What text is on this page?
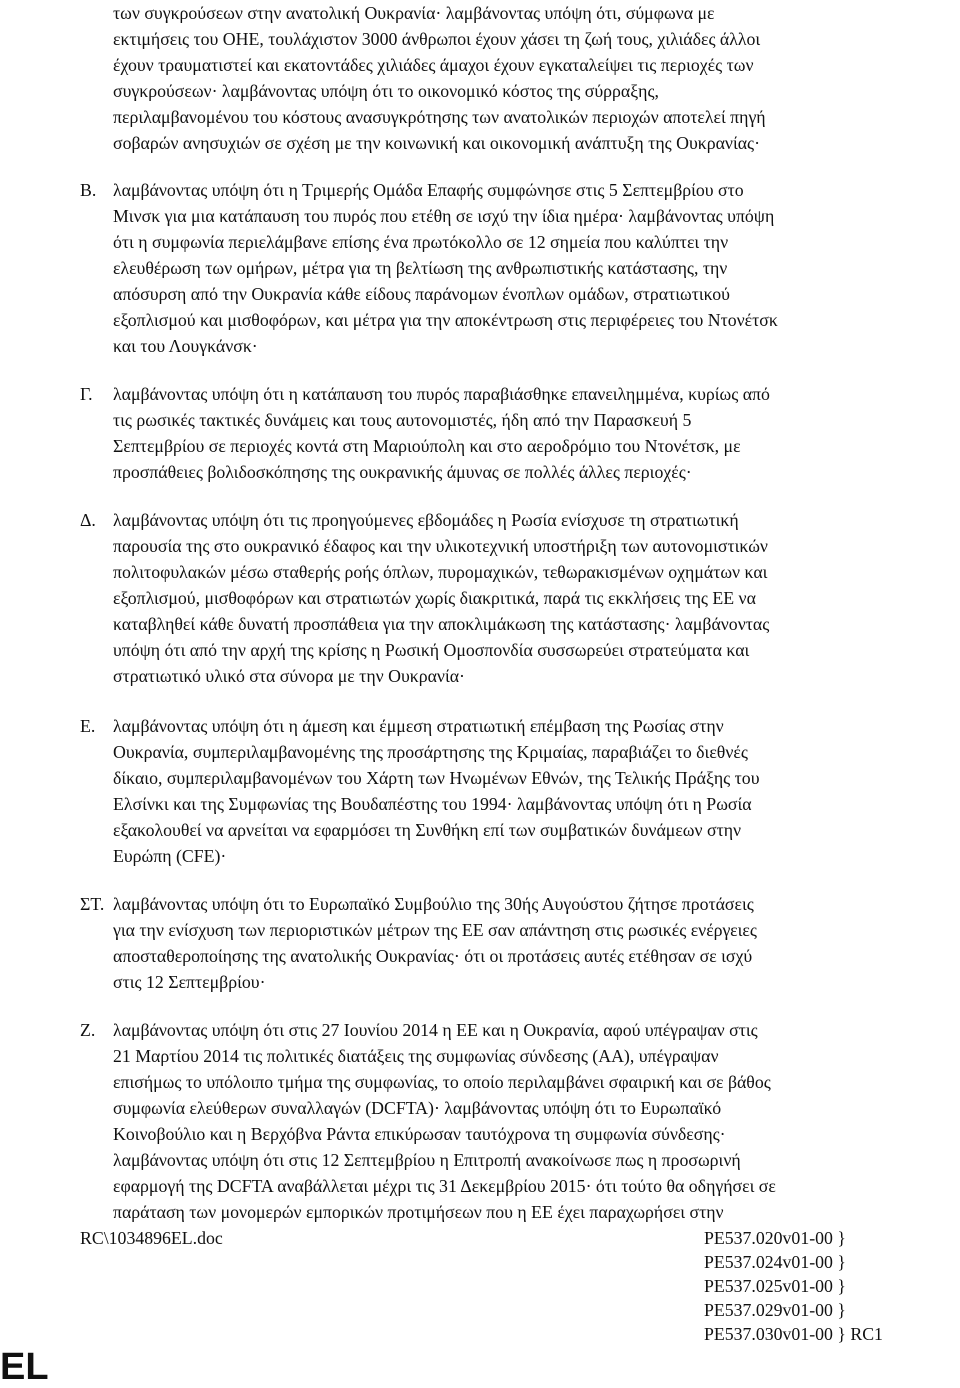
των συγκρούσεων στην ανατολική Ουκρανία· λαμβάνοντας υπόψη ότι, σύμφωνα με
εκτιμήσεις του ΟΗΕ, τουλάχιστον 3000 άνθρωποι έχουν χάσει τη ζωή τους, χιλιάδες άλλοι
έχουν τραυματιστεί και εκατοντάδες χιλιάδες άμαχοι έχουν εγκαταλείψει τις περιοχές των
συγκρούσεων· λαμβάνοντας υπόψη ότι το οικονομικό κόστος της σύρραξης,
περιλαμβανομένου του κόστους ανασυγκρότησης των ανατολικών περιοχών αποτελεί πηγή
σοβαρών ανησυχιών σε σχέση με την κοινωνική και οικονομική ανάπτυξη της Ουκρανίας·
Β. λαμβάνοντας υπόψη ότι η Τριμερής Ομάδα Επαφής συμφώνησε στις 5 Σεπτεμβρίου στο
Μινσκ για μια κατάπαυση του πυρός που ετέθη σε ισχύ την ίδια ημέρα· λαμβάνοντας υπόψη
ότι η συμφωνία περιελάμβανε επίσης ένα πρωτόκολλο σε 12 σημεία που καλύπτει την
ελευθέρωση των ομήρων, μέτρα για τη βελτίωση της ανθρωπιστικής κατάστασης, την
απόσυρση από την Ουκρανία κάθε είδους παράνομων ένοπλων ομάδων, στρατιωτικού
εξοπλισμού και μισθοφόρων, και μέτρα για την αποκέντρωση στις περιφέρειες του Ντονέτσκ
και του Λουγκάνσκ·
Γ. λαμβάνοντας υπόψη ότι η κατάπαυση του πυρός παραβιάσθηκε επανειλημμένα, κυρίως από
τις ρωσικές τακτικές δυνάμεις και τους αυτονομιστές, ήδη από την Παρασκευή 5
Σεπτεμβρίου σε περιοχές κοντά στη Μαριούπολη και στο αεροδρόμιο του Ντονέτσκ, με
προσπάθειες βολιδοσκόπησης της ουκρανικής άμυνας σε πολλές άλλες περιοχές·
Δ. λαμβάνοντας υπόψη ότι τις προηγούμενες εβδομάδες η Ρωσία ενίσχυσε τη στρατιωτική
παρουσία της στο ουκρανικό έδαφος και την υλικοτεχνική υποστήριξη των αυτονομιστικών
πολιτοφυλακών μέσω σταθερής ροής όπλων, πυρομαχικών, τεθωρακισμένων οχημάτων και
εξοπλισμού, μισθοφόρων και στρατιωτών χωρίς διακριτικά, παρά τις εκκλήσεις της ΕΕ να
καταβληθεί κάθε δυνατή προσπάθεια για την αποκλιμάκωση της κατάστασης· λαμβάνοντας
υπόψη ότι από την αρχή της κρίσης η Ρωσική Ομοσπονδία συσσωρεύει στρατεύματα και
στρατιωτικό υλικό στα σύνορα με την Ουκρανία·
Ε. λαμβάνοντας υπόψη ότι η άμεση και έμμεση στρατιωτική επέμβαση της Ρωσίας στην
Ουκρανία, συμπεριλαμβανομένης της προσάρτησης της Κριμαίας, παραβιάζει το διεθνές
δίκαιο, συμπεριλαμβανομένων του Χάρτη των Ηνωμένων Εθνών, της Τελικής Πράξης του
Ελσίνκι και της Συμφωνίας της Βουδαπέστης του 1994· λαμβάνοντας υπόψη ότι η Ρωσία
εξακολουθεί να αρνείται να εφαρμόσει τη Συνθήκη επί των συμβατικών δυνάμεων στην
Ευρώπη (CFE)·
ΣΤ. λαμβάνοντας υπόψη ότι το Ευρωπαϊκό Συμβούλιο της 30ής Αυγούστου ζήτησε προτάσεις
για την ενίσχυση των περιοριστικών μέτρων της ΕΕ σαν απάντηση στις ρωσικές ενέργειες
αποσταθεροποίησης της ανατολικής Ουκρανίας· ότι οι προτάσεις αυτές ετέθησαν σε ισχύ
στις 12 Σεπτεμβρίου·
Ζ. λαμβάνοντας υπόψη ότι στις 27 Ιουνίου 2014 η ΕΕ και η Ουκρανία, αφού υπέγραψαν στις
21 Μαρτίου 2014 τις πολιτικές διατάξεις της συμφωνίας σύνδεσης (ΑΑ), υπέγραψαν
επισήμως το υπόλοιπο τμήμα της συμφωνίας, το οποίο περιλαμβάνει σφαιρική και σε βάθος
συμφωνία ελεύθερων συναλλαγών (DCFTA)· λαμβάνοντας υπόψη ότι το Ευρωπαϊκό
Κοινοβούλιο και η Βερχόβνα Ράντα επικύρωσαν ταυτόχρονα τη συμφωνία σύνδεσης·
λαμβάνοντας υπόψη ότι στις 12 Σεπτεμβρίου η Επιτροπή ανακοίνωσε πως η προσωρινή
εφαρμογή της DCFTA αναβάλλεται μέχρι τις 31 Δεκεμβρίου 2015· ότι τούτο θα οδηγήσει σε
παράταση των μονομερών εμπορικών προτιμήσεων που η ΕΕ έχει παραχωρήσει στην
RC\1034896EL.doc	PE537.020v01-00 }
PE537.024v01-00 }
PE537.025v01-00 }
PE537.029v01-00 }
PE537.030v01-00 } RC1
EL
